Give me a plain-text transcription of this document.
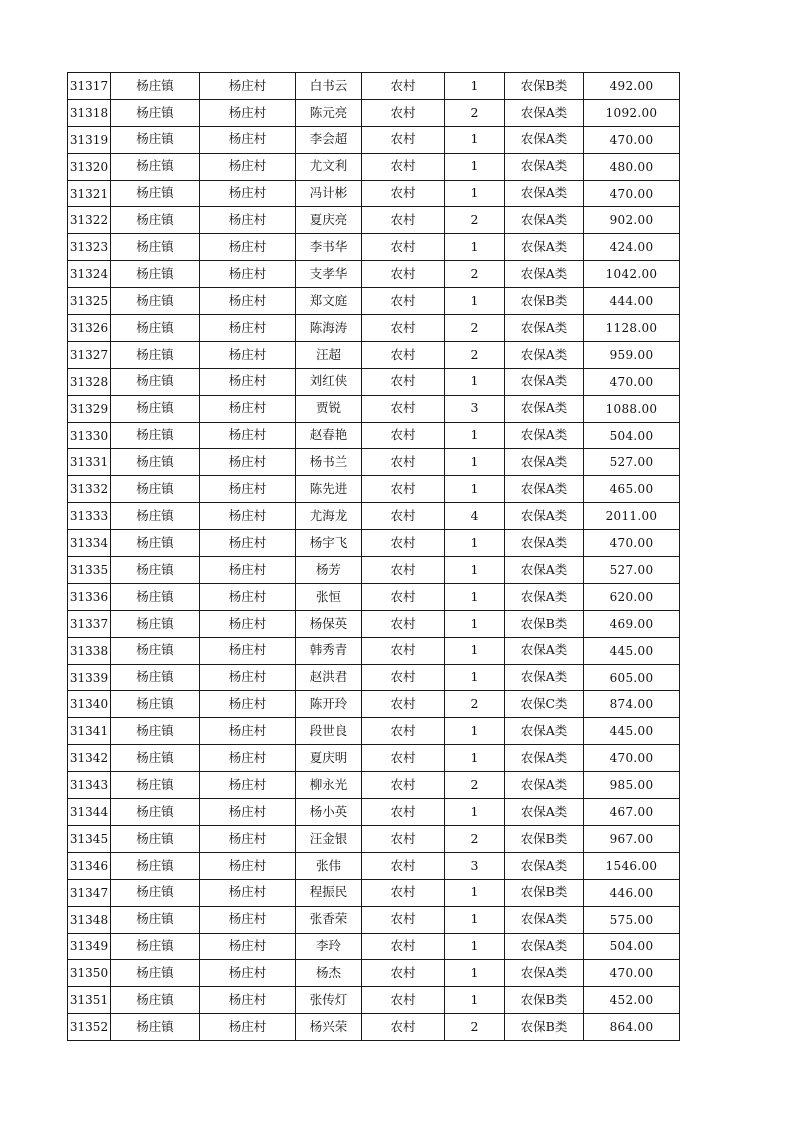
31317	杨庄镇	杨庄村	白书云	农村	1	农保B类	492.00
31318	杨庄镇	杨庄村	陈元亮	农村	2	农保A类	1092.00
31319	杨庄镇	杨庄村	李会超	农村	1	农保A类	470.00
31320	杨庄镇	杨庄村	尤文利	农村	1	农保A类	480.00
31321	杨庄镇	杨庄村	冯计彬	农村	1	农保A类	470.00
31322	杨庄镇	杨庄村	夏庆亮	农村	2	农保A类	902.00
31323	杨庄镇	杨庄村	李书华	农村	1	农保A类	424.00
31324	杨庄镇	杨庄村	支孝华	农村	2	农保A类	1042.00
31325	杨庄镇	杨庄村	郑文庭	农村	1	农保B类	444.00
31326	杨庄镇	杨庄村	陈海涛	农村	2	农保A类	1128.00
31327	杨庄镇	杨庄村	汪超	农村	2	农保A类	959.00
31328	杨庄镇	杨庄村	刘红侠	农村	1	农保A类	470.00
31329	杨庄镇	杨庄村	贾锐	农村	3	农保A类	1088.00
31330	杨庄镇	杨庄村	赵春艳	农村	1	农保A类	504.00
31331	杨庄镇	杨庄村	杨书兰	农村	1	农保A类	527.00
31332	杨庄镇	杨庄村	陈先进	农村	1	农保A类	465.00
31333	杨庄镇	杨庄村	尤海龙	农村	4	农保A类	2011.00
31334	杨庄镇	杨庄村	杨宇飞	农村	1	农保A类	470.00
31335	杨庄镇	杨庄村	杨芳	农村	1	农保A类	527.00
31336	杨庄镇	杨庄村	张恒	农村	1	农保A类	620.00
31337	杨庄镇	杨庄村	杨保英	农村	1	农保B类	469.00
31338	杨庄镇	杨庄村	韩秀青	农村	1	农保A类	445.00
31339	杨庄镇	杨庄村	赵洪君	农村	1	农保A类	605.00
31340	杨庄镇	杨庄村	陈开玲	农村	2	农保C类	874.00
31341	杨庄镇	杨庄村	段世良	农村	1	农保A类	445.00
31342	杨庄镇	杨庄村	夏庆明	农村	1	农保A类	470.00
31343	杨庄镇	杨庄村	柳永光	农村	2	农保A类	985.00
31344	杨庄镇	杨庄村	杨小英	农村	1	农保A类	467.00
31345	杨庄镇	杨庄村	汪金银	农村	2	农保B类	967.00
31346	杨庄镇	杨庄村	张伟	农村	3	农保A类	1546.00
31347	杨庄镇	杨庄村	程振民	农村	1	农保B类	446.00
31348	杨庄镇	杨庄村	张香荣	农村	1	农保A类	575.00
31349	杨庄镇	杨庄村	李玲	农村	1	农保A类	504.00
31350	杨庄镇	杨庄村	杨杰	农村	1	农保A类	470.00
31351	杨庄镇	杨庄村	张传灯	农村	1	农保B类	452.00
31352	杨庄镇	杨庄村	杨兴荣	农村	2	农保B类	864.00
